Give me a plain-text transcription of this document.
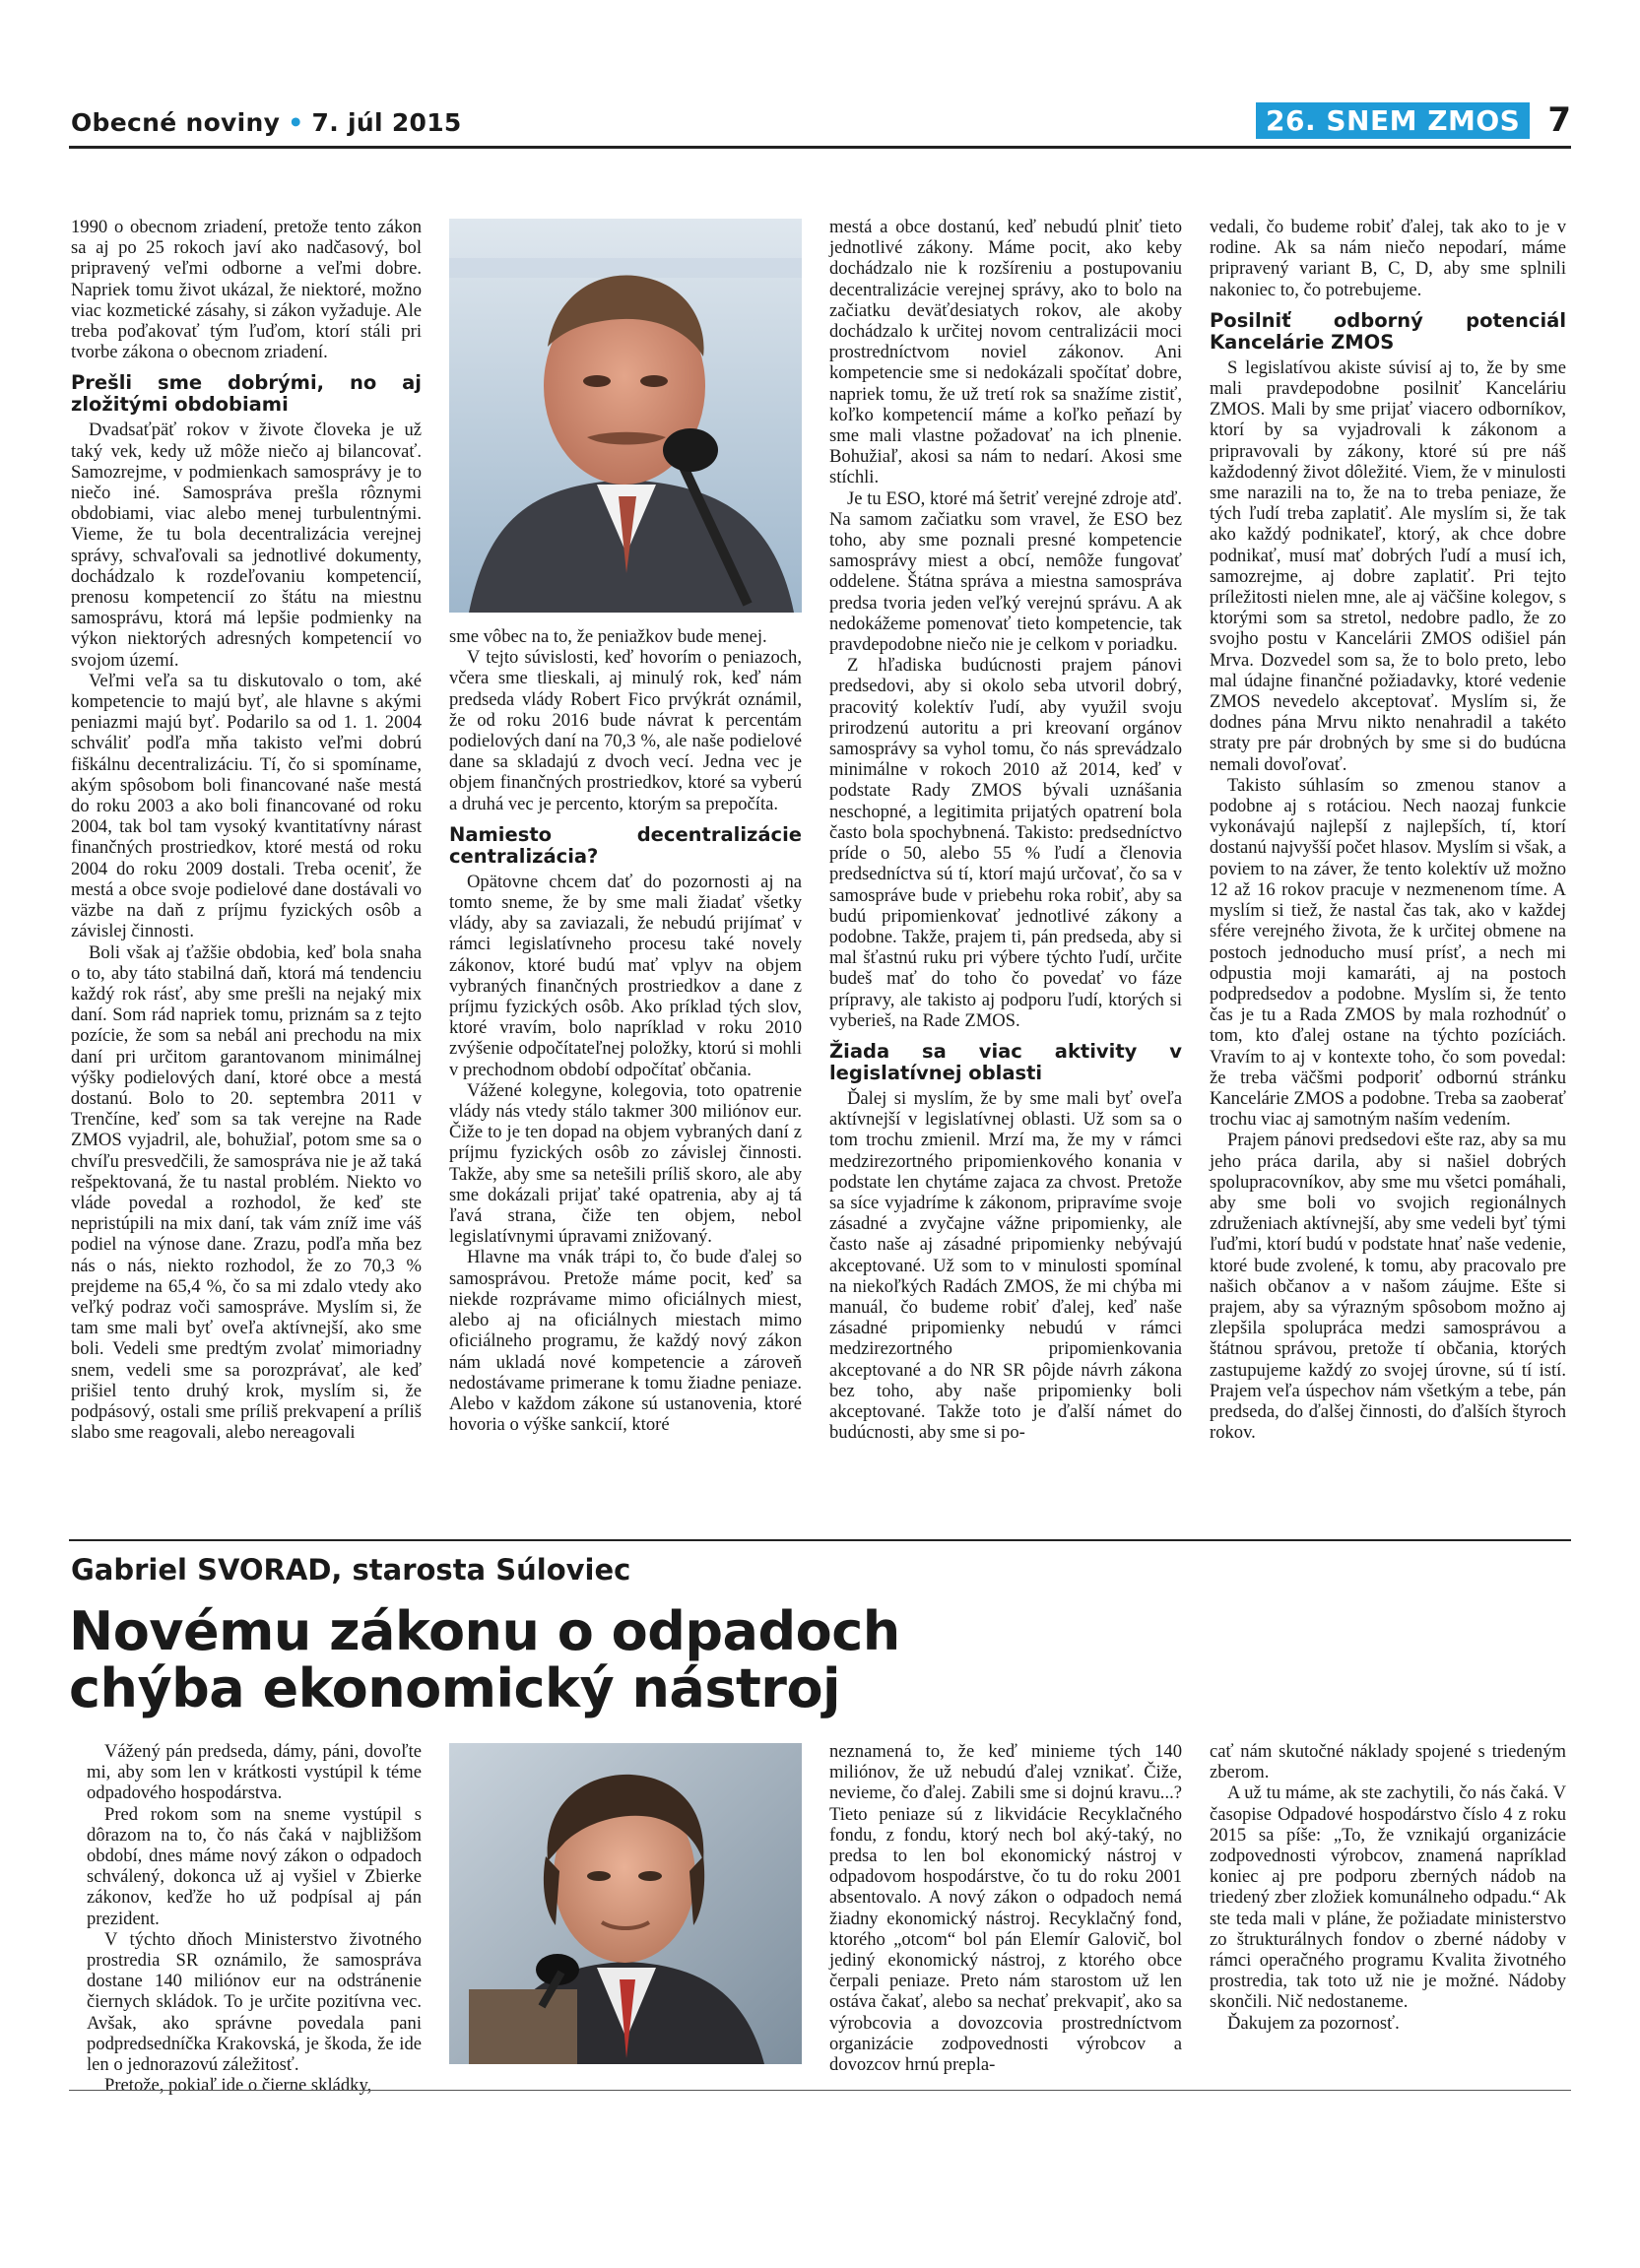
Obecné noviny • 7. júl 2015	26. SNEM ZMOS 7

1990 o obecnom zriadení, pretože tento zákon sa aj po 25 rokoch javí ako nadčasový, bol pripravený veľmi odborne a veľmi dobre. Napriek tomu život ukázal, že niektoré, možno viac kozmetické zásahy, si zákon vyžaduje. Ale treba poďakovať tým ľuďom, ktorí stáli pri tvorbe zákona o obecnom zriadení.

Prešli sme dobrými, no aj zložitými obdobiami

Dvadsaťpäť rokov v živote človeka je už taký vek, kedy už môže niečo aj bilancovať. Samozrejme, v podmienkach samosprávy je to niečo iné. Samospráva prešla rôznymi obdobiami, viac alebo menej turbulentnými. Vieme, že tu bola decentralizácia verejnej správy, schvaľovali sa jednotlivé dokumenty, dochádzalo k rozdeľovaniu kompetencií, prenosu kompetencií zo štátu na miestnu samosprávu, ktorá má lepšie podmienky na výkon niektorých adresných kompetencií vo svojom území.

Veľmi veľa sa tu diskutovalo o tom, aké kompetencie to majú byť, ale hlavne s akými peniazmi majú byť. Podarilo sa od 1. 1. 2004 schváliť podľa mňa takisto veľmi dobrú fiškálnu decentralizáciu. Tí, čo si spomíname, akým spôsobom boli financované naše mestá do roku 2003 a ako boli financované od roku 2004, tak bol tam vysoký kvantitatívny nárast finančných prostriedkov, ktoré mestá od roku 2004 do roku 2009 dostali. Treba oceniť, že mestá a obce svoje podielové dane dostávali vo väzbe na daň z príjmu fyzických osôb a závislej činnosti.

Boli však aj ťažšie obdobia, keď bola snaha o to, aby táto stabilná daň, ktorá má tendenciu každý rok rásť, aby sme prešli na nejaký mix daní. Som rád napriek tomu, priznám sa z tejto pozície, že som sa nebál ani prechodu na mix daní pri určitom garantovanom minimálnej výšky podielových daní, ktoré obce a mestá dostanú. Bolo to 20. septembra 2011 v Trenčíne, keď som sa tak verejne na Rade ZMOS vyjadril, ale, bohužiaľ, potom sme sa o chvíľu presvedčili, že samospráva nie je až taká rešpektovaná, že tu nastal problém. Niekto vo vláde povedal a rozhodol, že keď ste nepristúpili na mix daní, tak vám zníž ime váš podiel na výnose dane. Zrazu, podľa mňa bez nás o nás, niekto rozhodol, že zo 70,3 % prejdeme na 65,4 %, čo sa mi zdalo vtedy ako veľký podraz voči samospráve. Myslím si, že tam sme mali byť oveľa aktívnejší, ako sme boli. Vedeli sme predtým zvolať mimoriadny snem, vedeli sme sa porozprávať, ale keď prišiel tento druhý krok, myslím si, že podpásový, ostali sme príliš prekvapení a príliš slabo sme reagovali, alebo nereagovali

sme vôbec na to, že peniažkov bude menej.

V tejto súvislosti, keď hovorím o peniazoch, včera sme tlieskali, aj minulý rok, keď nám predseda vlády Robert Fico prvýkrát oznámil, že od roku 2016 bude návrat k percentám podielových daní na 70,3 %, ale naše podielové dane sa skladajú z dvoch vecí. Jedna vec je objem finančných prostriedkov, ktoré sa vyberú a druhá vec je percento, ktorým sa prepočíta.

Namiesto decentralizácie centralizácia?

Opätovne chcem dať do pozornosti aj na tomto sneme, že by sme mali žiadať všetky vlády, aby sa zaviazali, že nebudú prijímať v rámci legislatívneho procesu také novely zákonov, ktoré budú mať vplyv na objem vybraných finančných prostriedkov a dane z príjmu fyzických osôb. Ako príklad tých slov, ktoré vravím, bolo napríklad v roku 2010 zvýšenie odpočítateľnej položky, ktorú si mohli v prechodnom období odpočítať občania.

Vážené kolegyne, kolegovia, toto opatrenie vlády nás vtedy stálo takmer 300 miliónov eur. Čiže to je ten dopad na objem vybraných daní z príjmu fyzických osôb zo závislej činnosti. Takže, aby sme sa netešili príliš skoro, ale aby sme dokázali prijať také opatrenia, aby aj tá ľavá strana, čiže ten objem, nebol legislatívnymi úpravami znižovaný.

Hlavne ma vnák trápi to, čo bude ďalej so samosprávou. Pretože máme pocit, keď sa niekde rozprávame mimo oficiálnych miest, alebo aj na oficiálnych miestach mimo oficiálneho programu, že každý nový zákon nám ukladá nové kompetencie a zároveň nedostávame primerane k tomu žiadne peniaze. Alebo v každom zákone sú ustanovenia, ktoré hovoria o výške sankcií, ktoré

mestá a obce dostanú, keď nebudú plniť tieto jednotlivé zákony. Máme pocit, ako keby dochádzalo nie k rozšíreniu a postupovaniu decentralizácie verejnej správy, ako to bolo na začiatku deväťdesiatych rokov, ale akoby dochádzalo k určitej novom centralizácii moci prostredníctvom noviel zákonov. Ani kompetencie sme si nedokázali spočítať dobre, napriek tomu, že už tretí rok sa snažíme zistiť, koľko kompetencií máme a koľko peňazí by sme mali vlastne požadovať na ich plnenie. Bohužiaľ, akosi sa nám to nedarí. Akosi sme stíchli.

Je tu ESO, ktoré má šetriť verejné zdroje atď. Na samom začiatku som vravel, že ESO bez toho, aby sme poznali presné kompetencie samosprávy miest a obcí, nemôže fungovať oddelene. Štátna správa a miestna samospráva predsa tvoria jeden veľký verejnú správu. A ak nedokážeme pomenovať tieto kompetencie, tak pravdepodobne niečo nie je celkom v poriadku.

Z hľadiska budúcnosti prajem pánovi predsedovi, aby si okolo seba utvoril dobrý, pracovitý kolektív ľudí, aby využil svoju prirodzenú autoritu a pri kreovaní orgánov samosprávy sa vyhol tomu, čo nás sprevádzalo minimálne v rokoch 2010 až 2014, keď v podstate Rady ZMOS bývali uznášania neschopné, a legitimita prijatých opatrení bola často bola spochybnená. Takisto: predsedníctvo príde o 50, alebo 55 % ľudí a členovia predsedníctva sú tí, ktorí majú určovať, čo sa v samospráve bude v priebehu roka robiť, aby sa budú pripomienkovať jednotlivé zákony a podobne. Takže, prajem ti, pán predseda, aby si mal šťastnú ruku pri výbere týchto ľudí, určite budeš mať do toho čo povedať vo fáze prípravy, ale takisto aj podporu ľudí, ktorých si vyberieš, na Rade ZMOS.

Žiada sa viac aktivity v legislatívnej oblasti

Ďalej si myslím, že by sme mali byť oveľa aktívnejší v legislatívnej oblasti. Už som sa o tom trochu zmienil. Mrzí ma, že my v rámci medzirezortného pripomienkového konania v podstate len chytáme zajaca za chvost. Pretože sa síce vyjadríme k zákonom, pripravíme svoje zásadné a zvyčajne vážne pripomienky, ale často naše aj zásadné pripomienky nebývajú akceptované. Už som to v minulosti spomínal na niekoľkých Radách ZMOS, že mi chýba mi manuál, čo budeme robiť ďalej, keď naše zásadné pripomienky nebudú v rámci medzirezortného pripomienkovania akceptované a do NR SR pôjde návrh zákona bez toho, aby naše pripomienky boli akceptované. Takže toto je ďalší námet do budúcnosti, aby sme si po-

vedali, čo budeme robiť ďalej, tak ako to je v rodine. Ak sa nám niečo nepodarí, máme pripravený variant B, C, D, aby sme splnili nakoniec to, čo potrebujeme.

Posilniť odborný potenciál Kancelárie ZMOS

S legislatívou akiste súvisí aj to, že by sme mali pravdepodobne posilniť Kanceláriu ZMOS. Mali by sme prijať viacero odborníkov, ktorí by sa vyjadrovali k zákonom a pripravovali by zákony, ktoré sú pre náš každodenný život dôležité. Viem, že v minulosti sme narazili na to, že na to treba peniaze, že tých ľudí treba zaplatiť. Ale myslím si, že tak ako každý podnikateľ, ktorý, ak chce dobre podnikať, musí mať dobrých ľudí a musí ich, samozrejme, aj dobre zaplatiť. Pri tejto príležitosti nielen mne, ale aj väčšine kolegov, s ktorými som sa stretol, nedobre padlo, že zo svojho postu v Kancelárii ZMOS odišiel pán Mrva. Dozvedel som sa, že to bolo preto, lebo mal údajne finančné požiadavky, ktoré vedenie ZMOS nevedelo akceptovať. Myslím si, že dodnes pána Mrvu nikto nenahradil a takéto straty pre pár drobných by sme si do budúcna nemali dovoľovať.

Takisto súhlasím so zmenou stanov a podobne aj s rotáciou. Nech naozaj funkcie vykonávajú najlepší z najlepších, tí, ktorí dostanú najvyšší počet hlasov. Myslím si však, a poviem to na záver, že tento kolektív už možno 12 až 16 rokov pracuje v nezmenenom tíme. A myslím si tiež, že nastal čas tak, ako v každej sfére verejného života, že k určitej obmene na postoch jednoducho musí prísť, a nech mi odpustia moji kamaráti, aj na postoch podpredsedov a podobne. Myslím si, že tento čas je tu a Rada ZMOS by mala rozhodnúť o tom, kto ďalej ostane na týchto pozíciách. Vravím to aj v kontexte toho, čo som povedal: že treba väčšmi podporiť odbornú stránku Kancelárie ZMOS a podobne. Treba sa zaoberať trochu viac aj samotným naším vedením.

Prajem pánovi predsedovi ešte raz, aby sa mu jeho práca darila, aby si našiel dobrých spolupracovníkov, aby sme mu všetci pomáhali, aby sme boli vo svojich regionálnych združeniach aktívnejší, aby sme vedeli byť tými ľuďmi, ktorí budú v podstate hnať naše vedenie, ktoré bude zvolené, k tomu, aby pracovalo pre našich občanov a v našom záujme. Ešte si prajem, aby sa výrazným spôsobom možno aj zlepšila spolupráca medzi samosprávou a štátnou správou, pretože tí občania, ktorých zastupujeme každý zo svojej úrovne, sú tí istí. Prajem veľa úspechov nám všetkým a tebe, pán predseda, do ďalšej činnosti, do ďalších štyroch rokov.

Gabriel SVORAD, starosta Súloviec
Novému zákonu o odpadoch
chýba ekonomický nástroj

Vážený pán predseda, dámy, páni, dovoľte mi, aby som len v krátkosti vystúpil k téme odpadového hospodárstva.

Pred rokom som na sneme vystúpil s dôrazom na to, čo nás čaká v najbližšom období, dnes máme nový zákon o odpadoch schválený, dokonca už aj vyšiel v Zbierke zákonov, keďže ho už podpísal aj pán prezident.

V týchto dňoch Ministerstvo životného prostredia SR oznámilo, že samospráva dostane 140 miliónov eur na odstránenie čiernych skládok. To je určite pozitívna vec. Avšak, ako správne povedala pani podpredsedníčka Krakovská, je škoda, že ide len o jednorazovú záležitosť.

Pretože, pokiaľ ide o čierne skládky,

neznamená to, že keď minieme tých 140 miliónov, že už nebudú ďalej vznikať. Čiže, nevieme, čo ďalej. Zabili sme si dojnú kravu...? Tieto peniaze sú z likvidácie Recyklačného fondu, z fondu, ktorý nech bol aký-taký, no predsa to len bol ekonomický nástroj v odpadovom hospodárstve, čo tu do roku 2001 absentovalo. A nový zákon o odpadoch nemá žiadny ekonomický nástroj. Recyklačný fond, ktorého „otcom“ bol pán Elemír Galovič, bol jediný ekonomický nástroj, z ktorého obce čerpali peniaze. Preto nám starostom už len ostáva čakať, alebo sa nechať prekvapiť, ako sa výrobcovia a dovozcovia prostredníctvom organizácie zodpovednosti výrobcov a dovozcov hrnú prepla-

cať nám skutočné náklady spojené s triedeným zberom.

A už tu máme, ak ste zachytili, čo nás čaká. V časopise Odpadové hospodárstvo číslo 4 z roku 2015 sa píše: „To, že vznikajú organizácie zodpovednosti výrobcov, znamená napríklad koniec aj pre podporu zberných nádob na triedený zber zložiek komunálneho odpadu.“ Ak ste teda mali v pláne, že požiadate ministerstvo zo štrukturálnych fondov o zberné nádoby v rámci operačného programu Kvalita životného prostredia, tak toto už nie je možné. Nádoby skončili. Nič nedostaneme.

Ďakujem za pozornosť.
